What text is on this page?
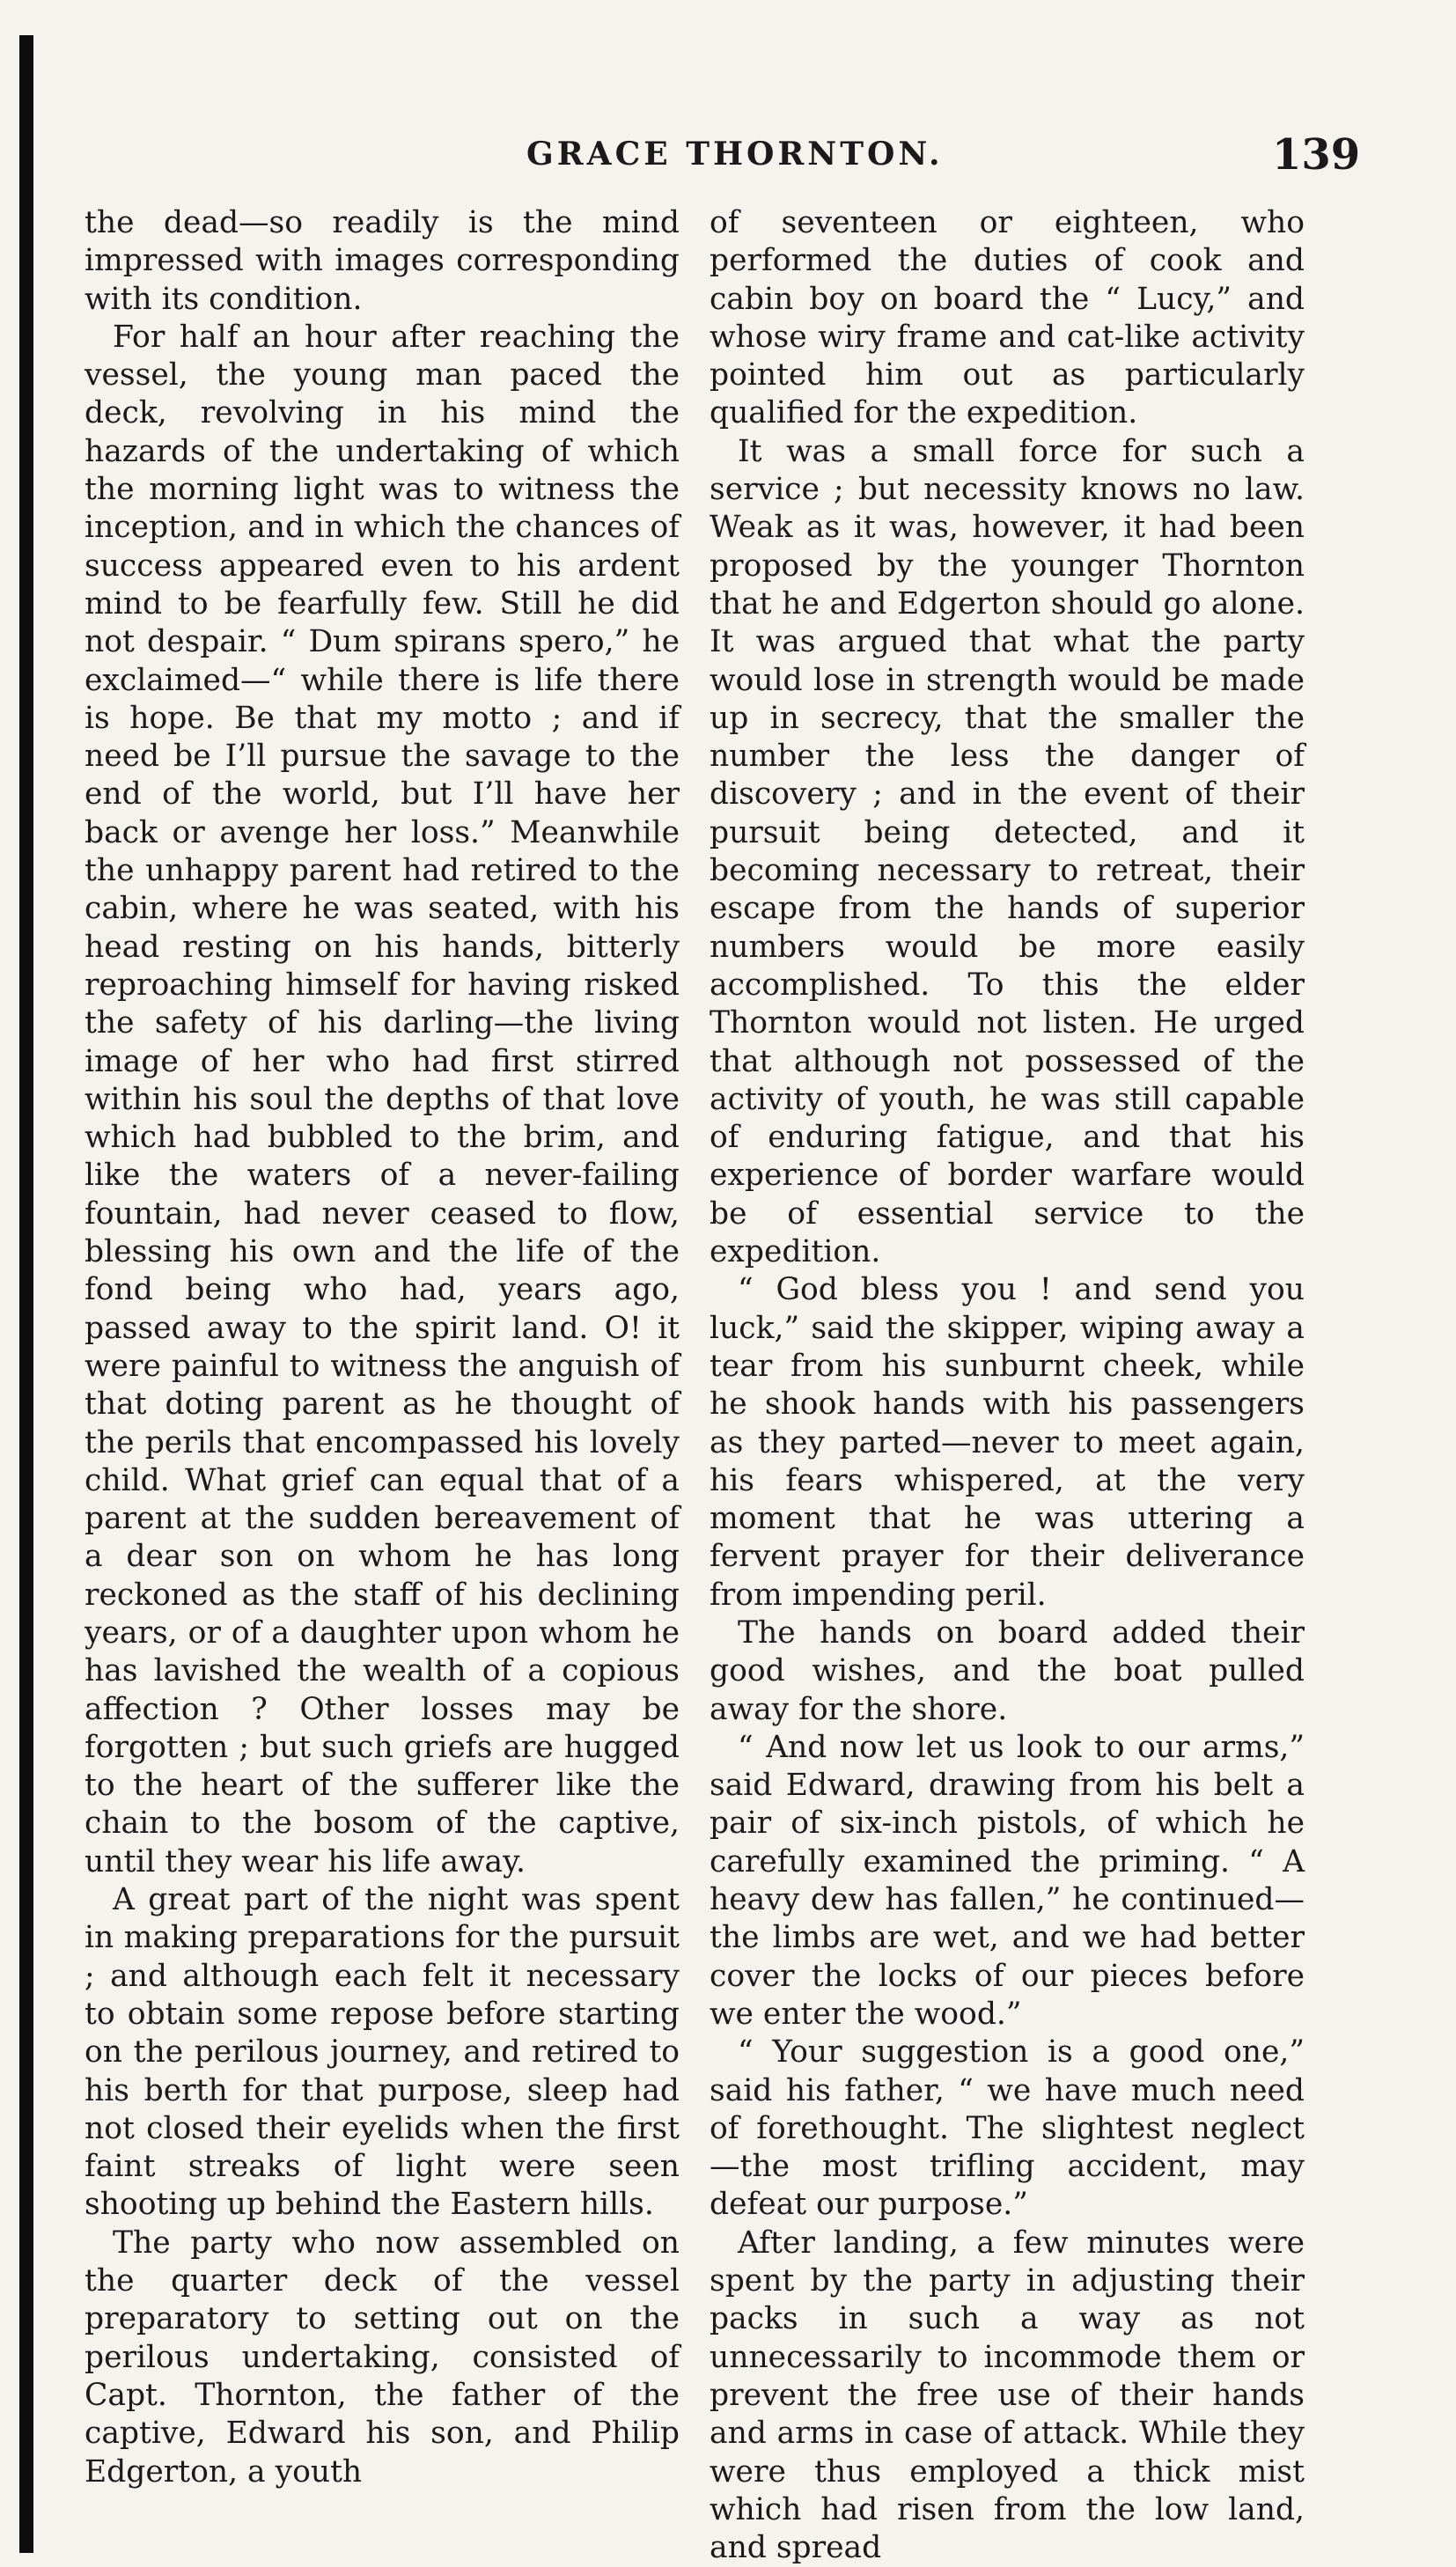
GRACE THORNTON.	139

the dead—so readily is the mind impressed with images corresponding with its condition.

For half an hour after reaching the vessel, the young man paced the deck, revolving in his mind the hazards of the undertaking of which the morning light was to witness the inception, and in which the chances of success appeared even to his ardent mind to be fearfully few. Still he did not despair. “ Dum spirans spero,” he exclaimed—“ while there is life there is hope. Be that my motto ; and if need be I’ll pursue the savage to the end of the world, but I’ll have her back or avenge her loss.” Meanwhile the unhappy parent had retired to the cabin, where he was seated, with his head resting on his hands, bitterly reproaching himself for having risked the safety of his darling—the living image of her who had first stirred within his soul the depths of that love which had bubbled to the brim, and like the waters of a never-failing fountain, had never ceased to flow, blessing his own and the life of the fond being who had, years ago, passed away to the spirit land. O! it were painful to witness the anguish of that doting parent as he thought of the perils that encompassed his lovely child. What grief can equal that of a parent at the sudden bereavement of a dear son on whom he has long reckoned as the staff of his declining years, or of a daughter upon whom he has lavished the wealth of a copious affection ? Other losses may be forgotten ; but such griefs are hugged to the heart of the sufferer like the chain to the bosom of the captive, until they wear his life away.

A great part of the night was spent in making preparations for the pursuit ; and although each felt it necessary to obtain some repose before starting on the perilous journey, and retired to his berth for that purpose, sleep had not closed their eyelids when the first faint streaks of light were seen shooting up behind the Eastern hills.

The party who now assembled on the quarter deck of the vessel preparatory to setting out on the perilous undertaking, consisted of Capt. Thornton, the father of the captive, Edward his son, and Philip Edgerton, a youth

of seventeen or eighteen, who performed the duties of cook and cabin boy on board the “ Lucy,” and whose wiry frame and cat-like activity pointed him out as particularly qualified for the expedition.

It was a small force for such a service ; but necessity knows no law. Weak as it was, however, it had been proposed by the younger Thornton that he and Edgerton should go alone. It was argued that what the party would lose in strength would be made up in secrecy, that the smaller the number the less the danger of discovery ; and in the event of their pursuit being detected, and it becoming necessary to retreat, their escape from the hands of superior numbers would be more easily accomplished. To this the elder Thornton would not listen. He urged that although not possessed of the activity of youth, he was still capable of enduring fatigue, and that his experience of border warfare would be of essential service to the expedition.

“ God bless you ! and send you luck,” said the skipper, wiping away a tear from his sunburnt cheek, while he shook hands with his passengers as they parted—never to meet again, his fears whispered, at the very moment that he was uttering a fervent prayer for their deliverance from impending peril.

The hands on board added their good wishes, and the boat pulled away for the shore.

“ And now let us look to our arms,” said Edward, drawing from his belt a pair of six-inch pistols, of which he carefully examined the priming. “ A heavy dew has fallen,” he continued—the limbs are wet, and we had better cover the locks of our pieces before we enter the wood.”

“ Your suggestion is a good one,” said his father, “ we have much need of forethought. The slightest neglect —the most trifling accident, may defeat our purpose.”

After landing, a few minutes were spent by the party in adjusting their packs in such a way as not unnecessarily to incommode them or prevent the free use of their hands and arms in case of attack. While they were thus employed a thick mist which had risen from the low land, and spread
